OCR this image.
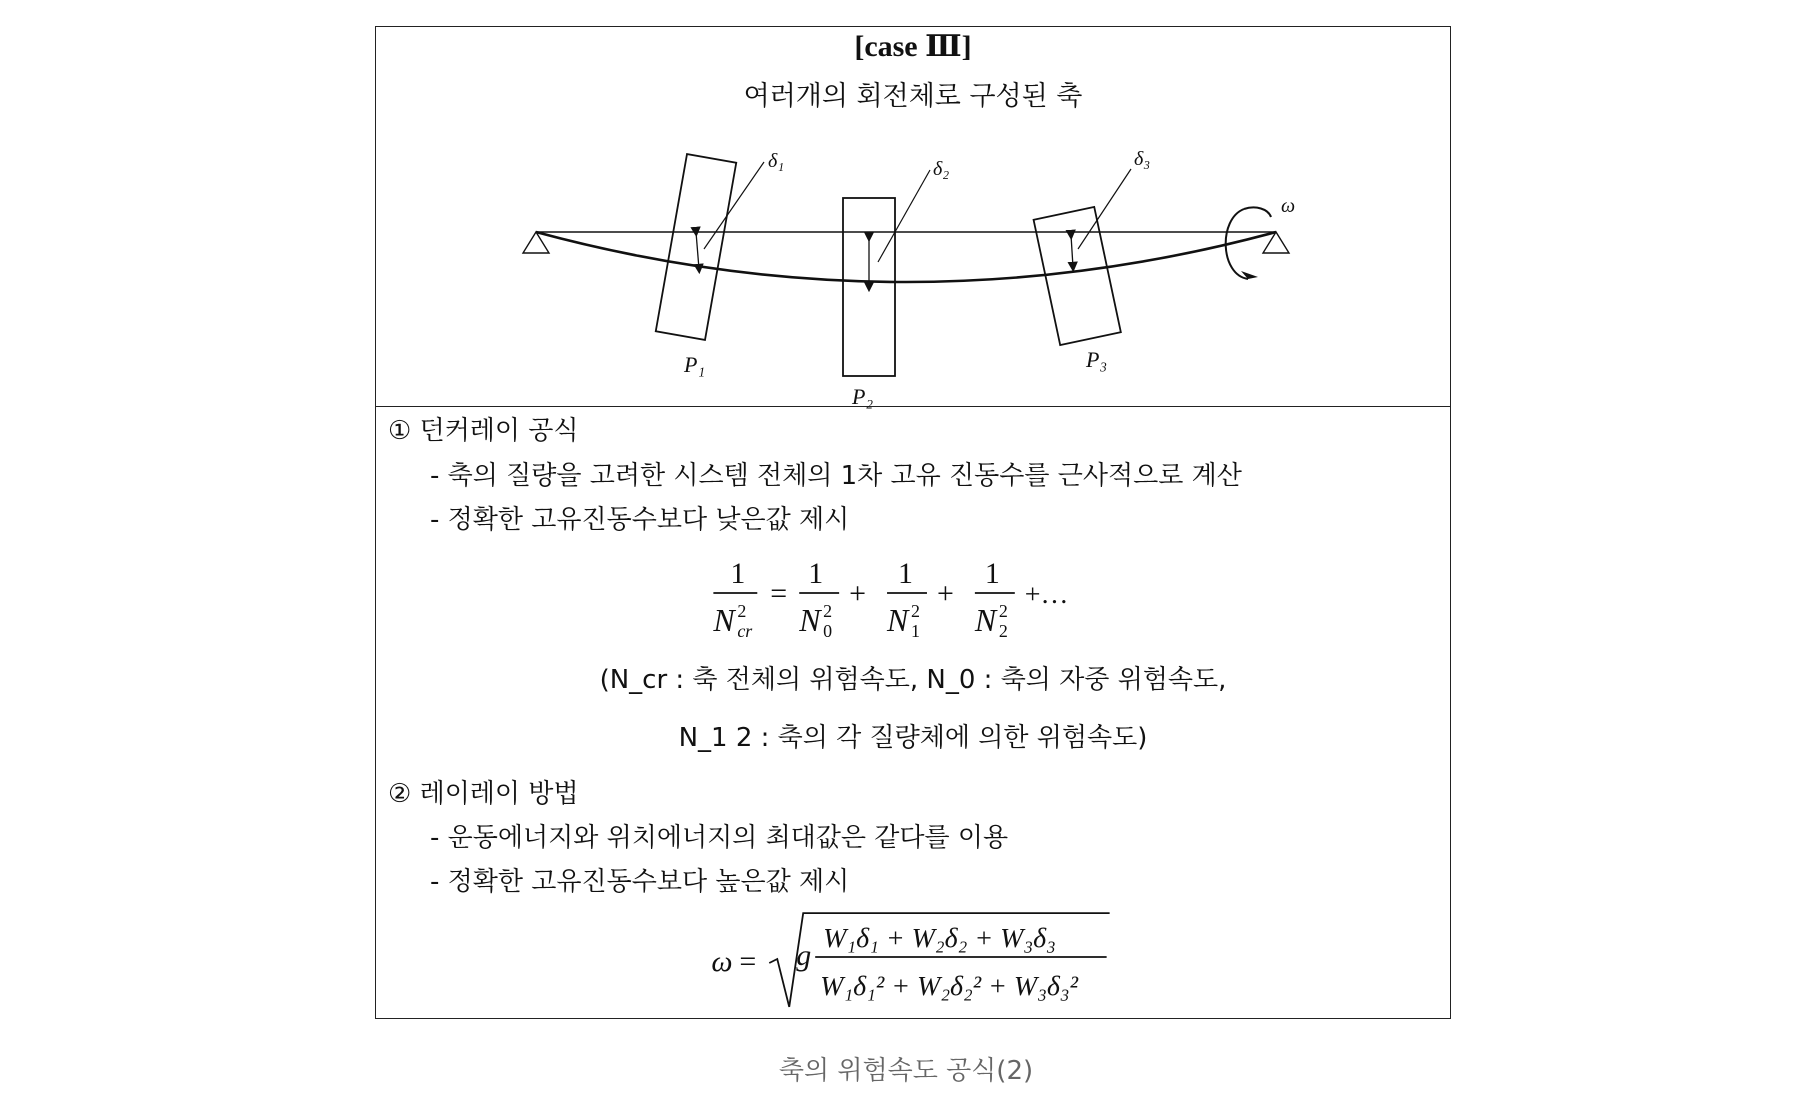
[case Ⅲ]
여러개의 회전체로 구성된 축
δ₁	δ₂	δ₃
ω
P₁
P₂
P₃
① 던커레이 공식
- 축의 질량을 고려한 시스템 전체의 1차 고유 진동수를 근사적으로 계산
- 정확한 고유진동수보다 낮은값 제시
1
N 2
cr
=
1
N 2
0
+
1
N 2
1
+
1
N 2
2
+…
(N_cr : 축 전체의 위험속도, N_0 : 축의 자중 위험속도,
N_1 2 : 축의 각 질량체에 의한 위험속도)
② 레이레이 방법
- 운동에너지와 위치에너지의 최대값은 같다를 이용
- 정확한 고유진동수보다 높은값 제시
ω = g
W₁δ₁ + W₂δ₂ + W₃δ₃
W₁δ₁² + W₂δ₂² + W₃δ₃²
축의 위험속도 공식(2)
